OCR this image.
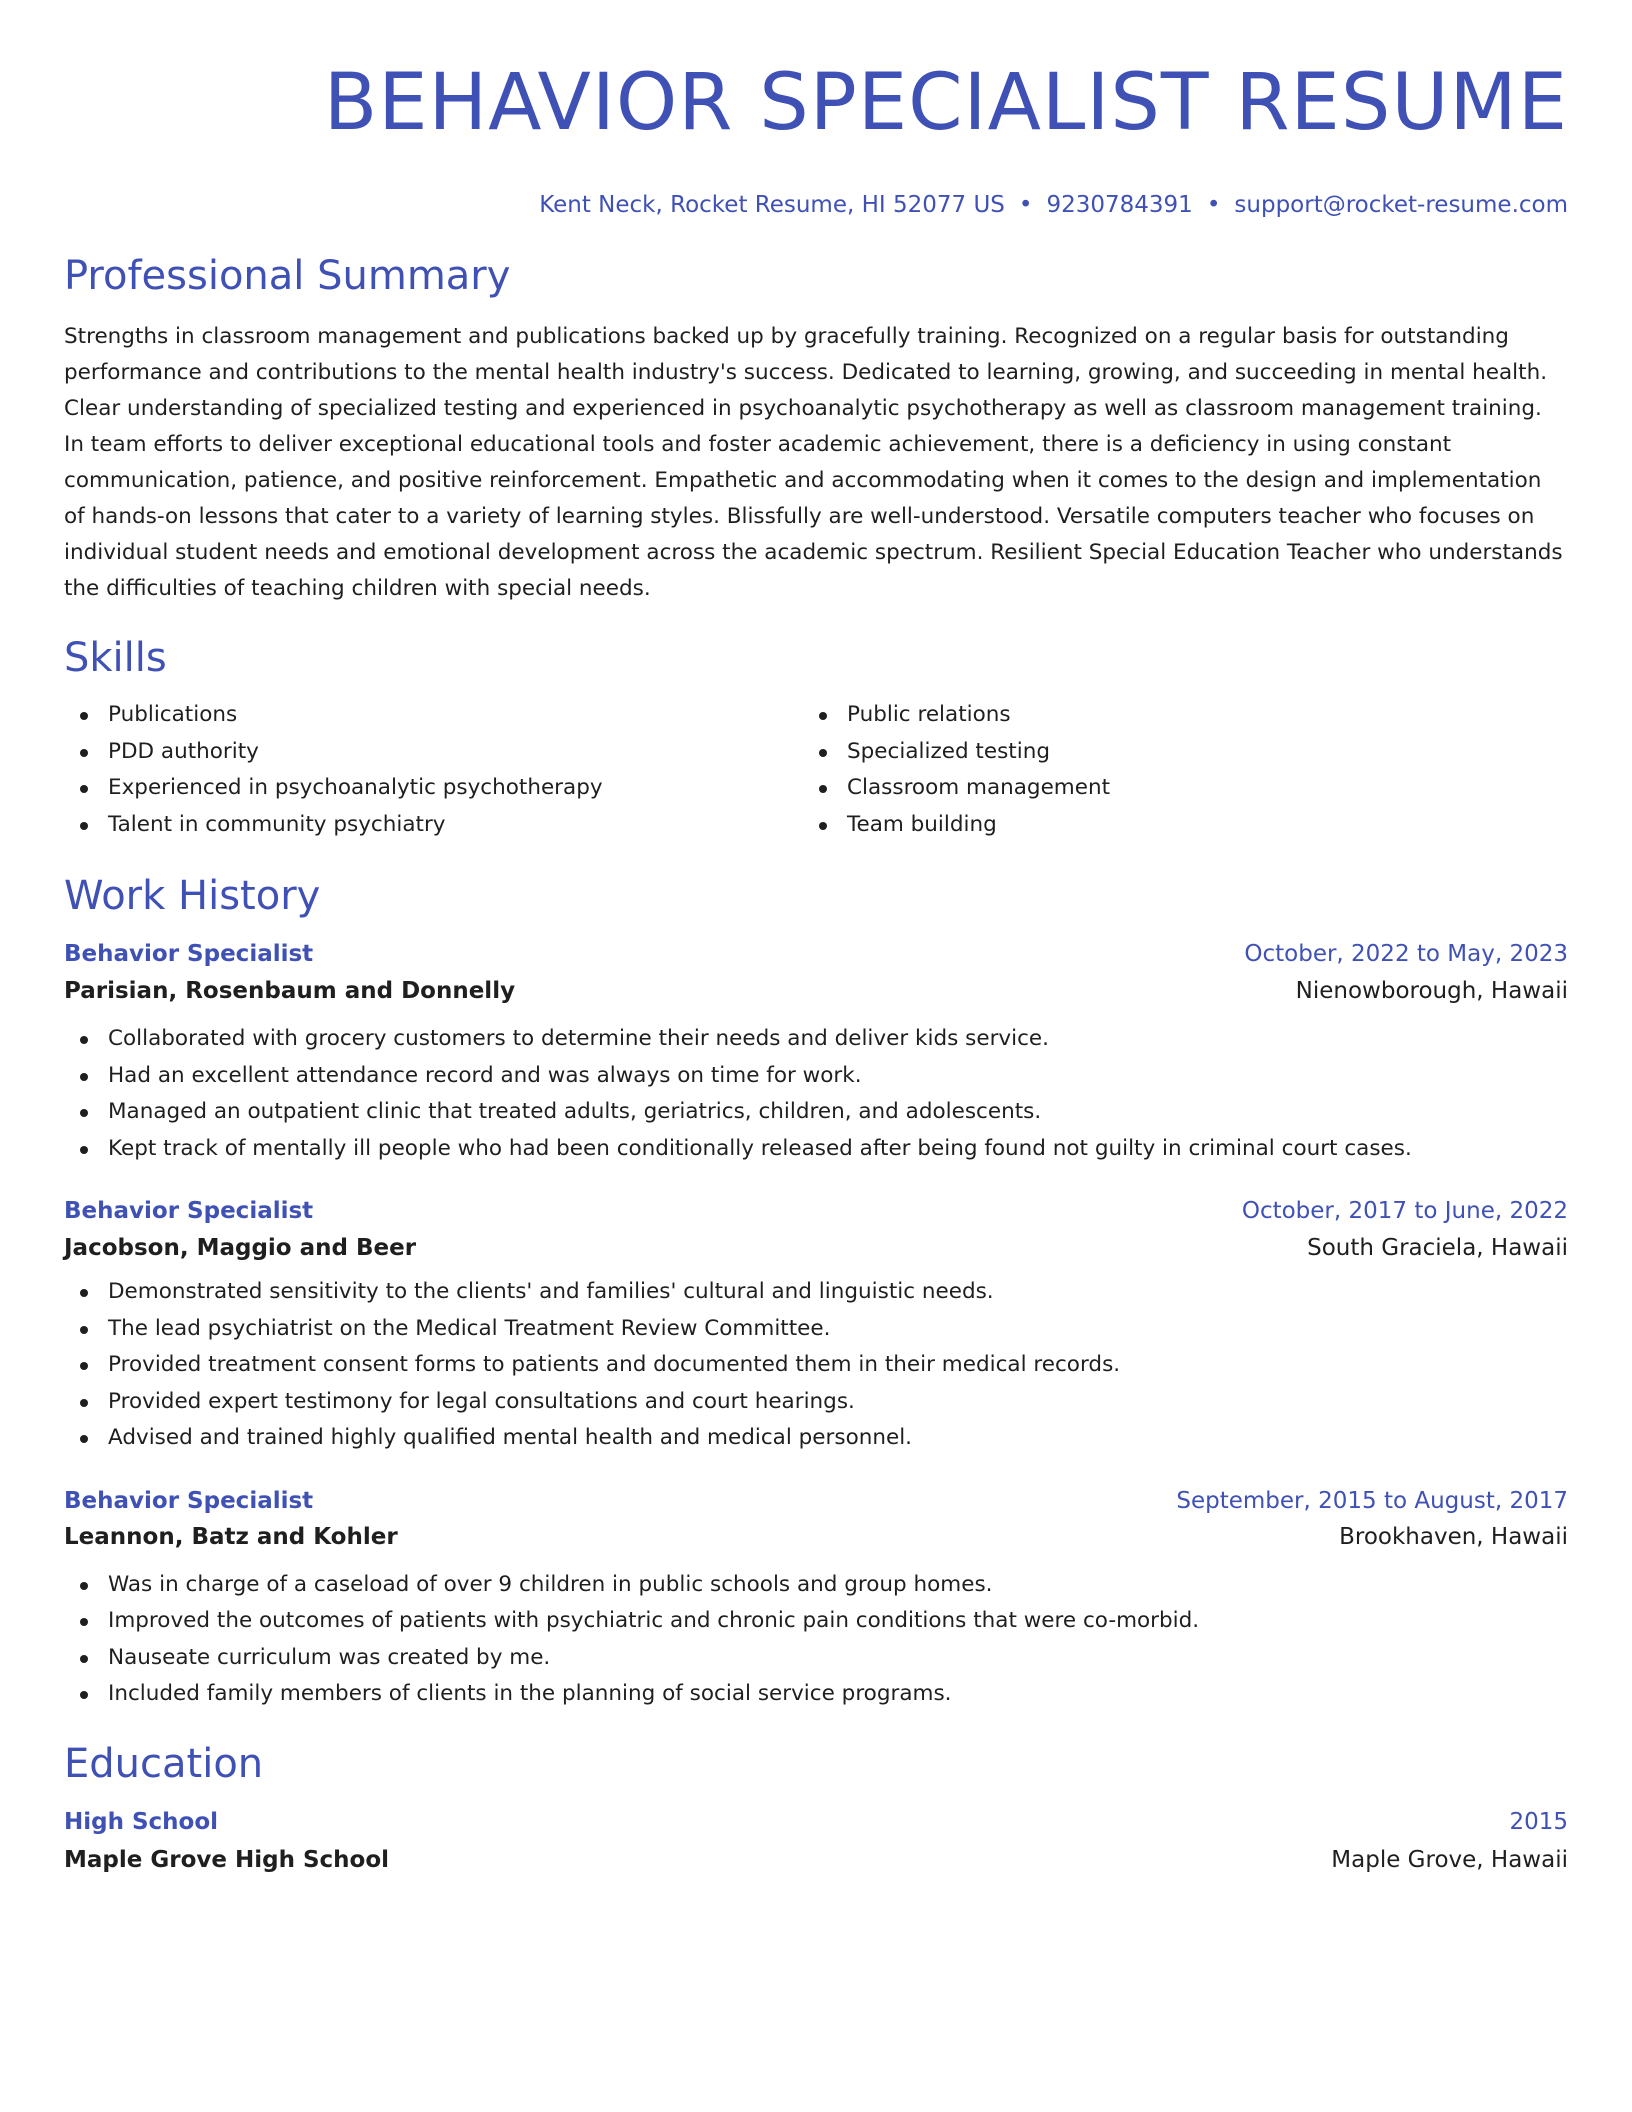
BEHAVIOR SPECIALIST RESUME
Kent Neck, Rocket Resume, HI 52077 US • 9230784391 • support@rocket-resume.com
Professional Summary

Strengths in classroom management and publications backed up by gracefully training. Recognized on a regular basis for outstanding performance and contributions to the mental health industry's success. Dedicated to learning, growing, and succeeding in mental health. Clear understanding of specialized testing and experienced in psychoanalytic psychotherapy as well as classroom management training. In team efforts to deliver exceptional educational tools and foster academic achievement, there is a deficiency in using constant communication, patience, and positive reinforcement. Empathetic and accommodating when it comes to the design and implementation of hands-on lessons that cater to a variety of learning styles. Blissfully are well-understood. Versatile computers teacher who focuses on individual student needs and emotional development across the academic spectrum. Resilient Special Education Teacher who understands the difficulties of teaching children with special needs.

Skills
Publications
PDD authority
Experienced in psychoanalytic psychotherapy
Talent in community psychiatry
Public relations
Specialized testing
Classroom management
Team building
Work History
Behavior Specialist	October, 2022 to May, 2023
Parisian, Rosenbaum and Donnelly	Nienowborough, Hawaii
Collaborated with grocery customers to determine their needs and deliver kids service.
Had an excellent attendance record and was always on time for work.
Managed an outpatient clinic that treated adults, geriatrics, children, and adolescents.
Kept track of mentally ill people who had been conditionally released after being found not guilty in criminal court cases.
Behavior Specialist	October, 2017 to June, 2022
Jacobson, Maggio and Beer	South Graciela, Hawaii
Demonstrated sensitivity to the clients' and families' cultural and linguistic needs.
The lead psychiatrist on the Medical Treatment Review Committee.
Provided treatment consent forms to patients and documented them in their medical records.
Provided expert testimony for legal consultations and court hearings.
Advised and trained highly qualified mental health and medical personnel.
Behavior Specialist	September, 2015 to August, 2017
Leannon, Batz and Kohler	Brookhaven, Hawaii
Was in charge of a caseload of over 9 children in public schools and group homes.
Improved the outcomes of patients with psychiatric and chronic pain conditions that were co-morbid.
Nauseate curriculum was created by me.
Included family members of clients in the planning of social service programs.
Education
High School	2015
Maple Grove High School	Maple Grove, Hawaii
